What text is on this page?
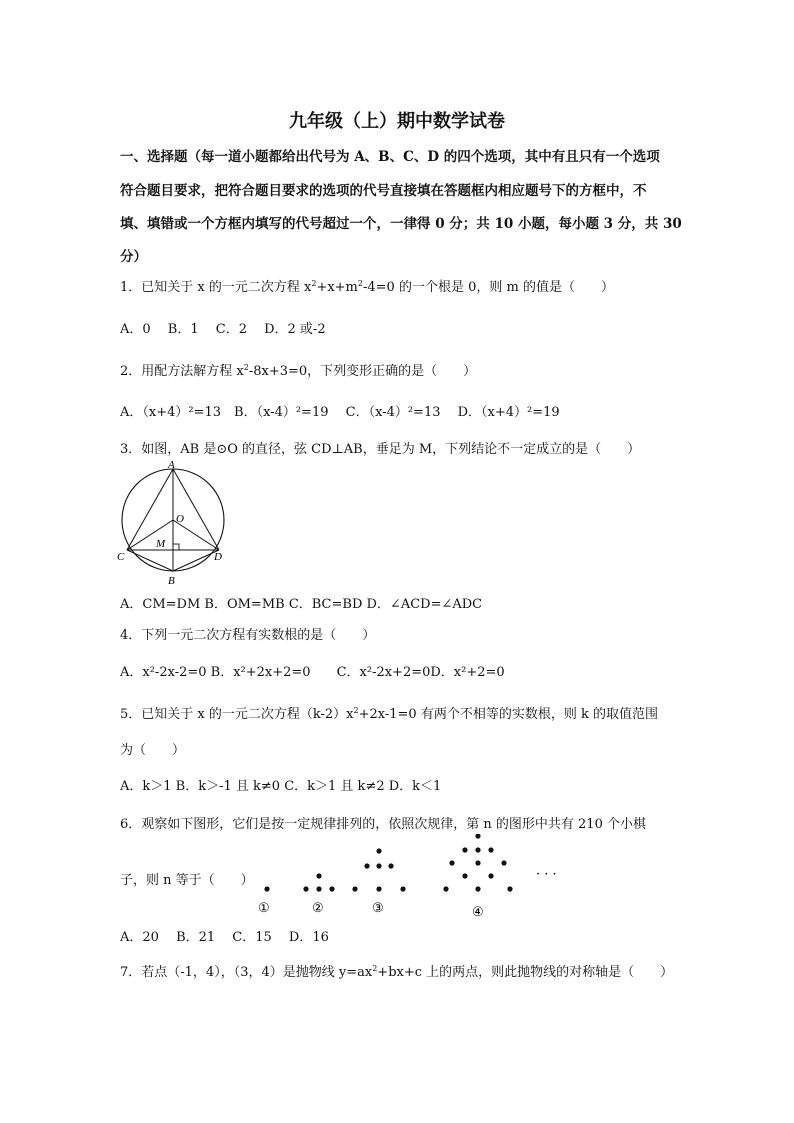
九年级（上）期中数学试卷
一、选择题（每一道小题都给出代号为 A、B、C、D 的四个选项，其中有且只有一个选项
符合题目要求，把符合题目要求的选项的代号直接填在答题框内相应题号下的方框中，不
填、填错或一个方框内填写的代号超过一个，一律得 0 分；共 10 小题，每小题 3 分，共 30
分）
1．已知关于 x 的一元二次方程 $x^2+x+m^2-4=0$ 的一个根是 0，则 m 的值是（　　）
A．0　 B．1　 C．2　 D．2 或-2
2．用配方法解方程 $x^2-8x+3=0$，下列变形正确的是（　　）
A．（x+4）²=13　B．（x-4）²=19　 C．（x-4）²=13　 D．（x+4）²=19
3．如图，AB 是⊙O 的直径，弦 CD⊥AB，垂足为 M，下列结论不一定成立的是（　　）
A
O
M
C	D
B
A．CM=DM B．OM=MB C．BC=BD D．∠ACD=∠ADC
4．下列一元二次方程有实数根的是（　　）
A．x²-2x-2=0 B．x²+2x+2=0　　C．x²-2x+2=0D．x²+2=0
5．已知关于 x 的一元二次方程$(k-2)x^2+2x-1=0$ 有两个不相等的实数根，则 k 的取值范围
为（　　）
A．k＞1 B．k＞-1 且 k≠0 C．k＞1 且 k≠2 D．k＜1
6．观察如下图形，它们是按一定规律排列的，依照次规律，第 n 的图形中共有 210 个小棋
子，则 n 等于（　　）
①	②	③	④
· · ·
A．20　 B．21　 C．15　 D．16
7．若点（-1，4），（3，4）是抛物线 $y=ax^2+bx+c$ 上的两点，则此抛物线的对称轴是（　　）
